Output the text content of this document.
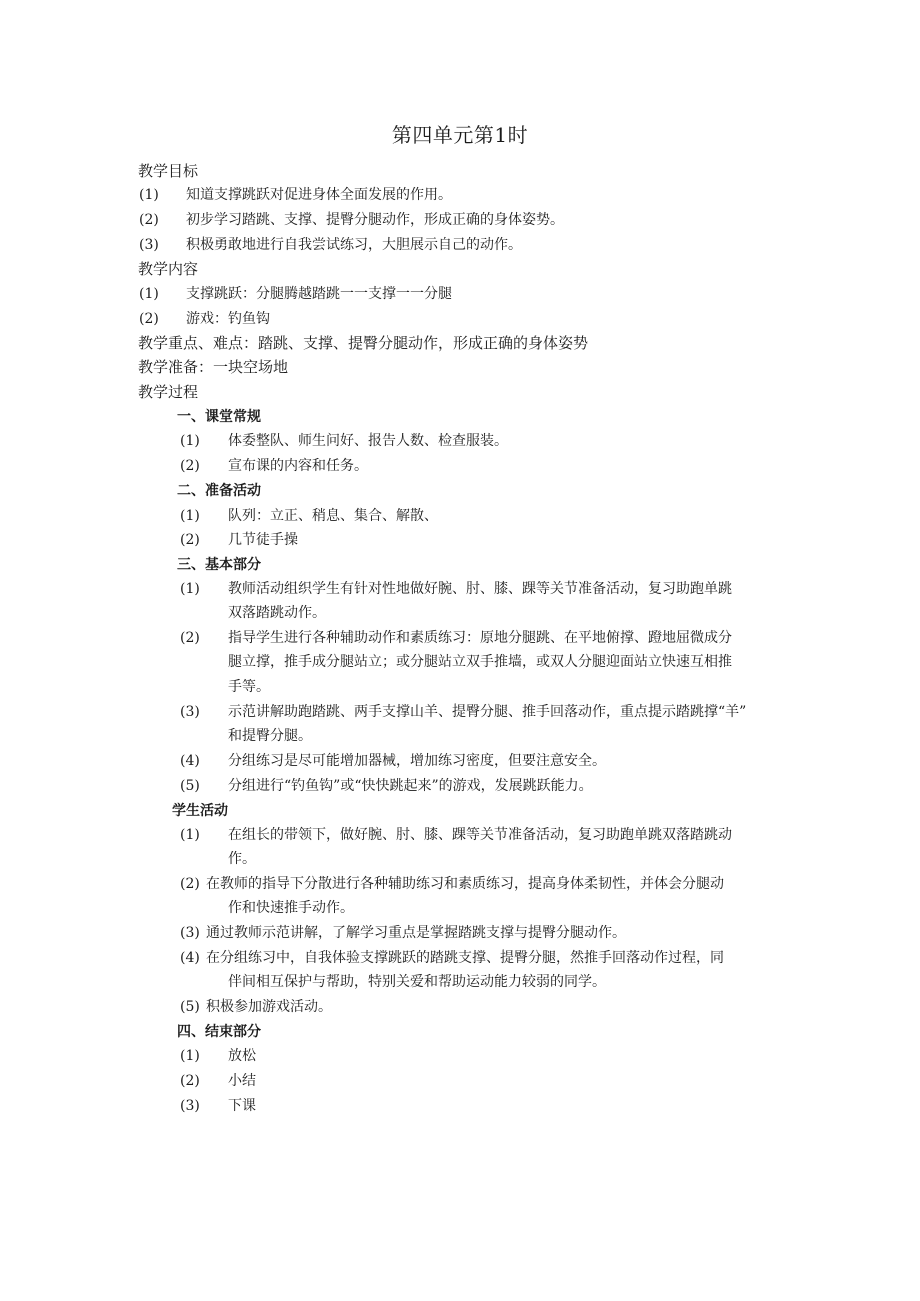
第四单元第1时
教学目标
(1) 知道支撑跳跃对促进身体全面发展的作用。
(2) 初步学习踏跳、支撑、提臀分腿动作，形成正确的身体姿势。
(3) 积极勇敢地进行自我尝试练习，大胆展示自己的动作。
教学内容
(1) 支撑跳跃：分腿腾越踏跳一一支撑一一分腿
(2) 游戏：钓鱼钩
教学重点、难点：踏跳、支撑、提臀分腿动作，形成正确的身体姿势
教学准备：一块空场地
教学过程
一、课堂常规
(1) 体委整队、师生问好、报告人数、检查服装。
(2) 宣布课的内容和任务。
二、准备活动
(1) 队列：立正、稍息、集合、解散、
(2) 几节徒手操
三、基本部分
(1) 教师活动组织学生有针对性地做好腕、肘、膝、踝等关节准备活动，复习助跑单跳
双落踏跳动作。
(2) 指导学生进行各种辅助动作和素质练习：原地分腿跳、在平地俯撑、蹬地屈微成分
腿立撑，推手成分腿站立；或分腿站立双手推墙，或双人分腿迎面站立快速互相推
手等。
(3) 示范讲解助跑踏跳、两手支撑山羊、提臀分腿、推手回落动作，重点提示踏跳撑“羊”
和提臀分腿。
(4) 分组练习是尽可能增加器械，增加练习密度，但要注意安全。
(5) 分组进行“钓鱼钩”或“快快跳起来”的游戏，发展跳跃能力。
学生活动
(1) 在组长的带领下，做好腕、肘、膝、踝等关节准备活动，复习助跑单跳双落踏跳动
作。
(2) 在教师的指导下分散进行各种辅助练习和素质练习，提高身体柔韧性，并体会分腿动
作和快速推手动作。
(3) 通过教师示范讲解，了解学习重点是掌握踏跳支撑与提臀分腿动作。
(4) 在分组练习中，自我体验支撑跳跃的踏跳支撑、提臀分腿，然推手回落动作过程，同
伴间相互保护与帮助，特别关爱和帮助运动能力较弱的同学。
(5) 积极参加游戏活动。
四、结束部分
(1) 放松
(2) 小结
(3) 下课
